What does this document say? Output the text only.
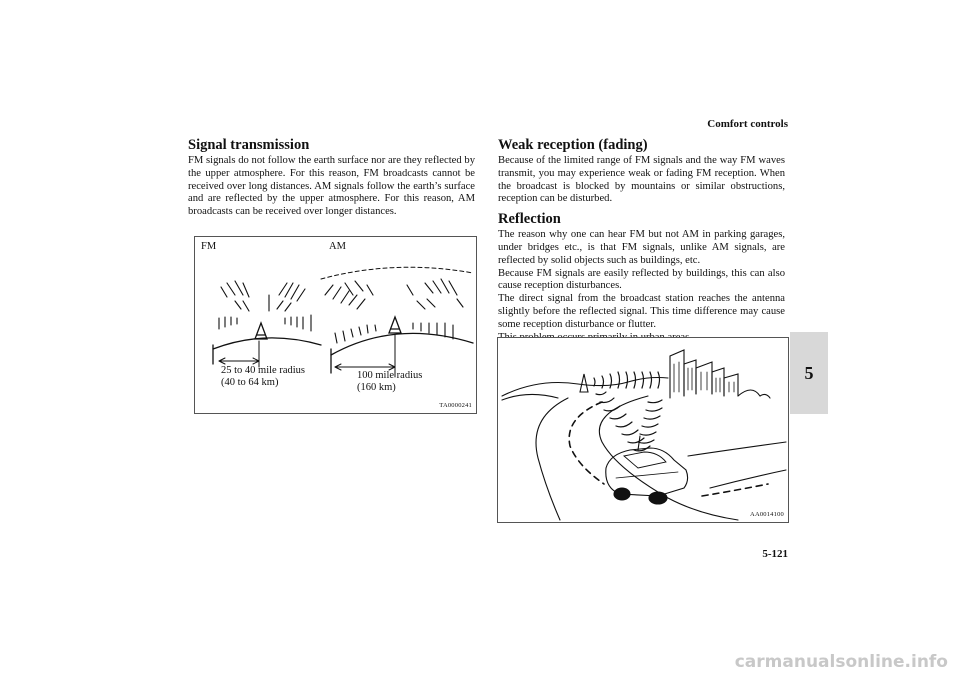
Comfort controls
5
5-121
Signal transmission

FM signals do not follow the earth surface nor are they reflected by the upper atmosphere. For this reason, FM broadcasts cannot be received over long distances. AM signals follow the earth’s surface and are reflected by the upper atmosphere. For this reason, AM broadcasts can be received over longer distances.

FM	AM
25 to 40 mile radius
(40 to 64 km)
100 mile radius
(160 km)
TA0000241
Weak reception (fading)

Because of the limited range of FM signals and the way FM waves transmit, you may experience weak or fading FM reception. When the broadcast is blocked by mountains or similar obstructions, reception can be disturbed.

Reflection

The reason why one can hear FM but not AM in parking garages, under bridges etc., is that FM signals, unlike AM signals, are reflected by solid objects such as buildings, etc.

Because FM signals are easily reflected by buildings, this can also cause reception disturbances.

The direct signal from the broadcast station reaches the antenna slightly before the reflected signal. This time difference may cause some reception disturbance or flutter.

AA0014100
carmanualsonline.info
